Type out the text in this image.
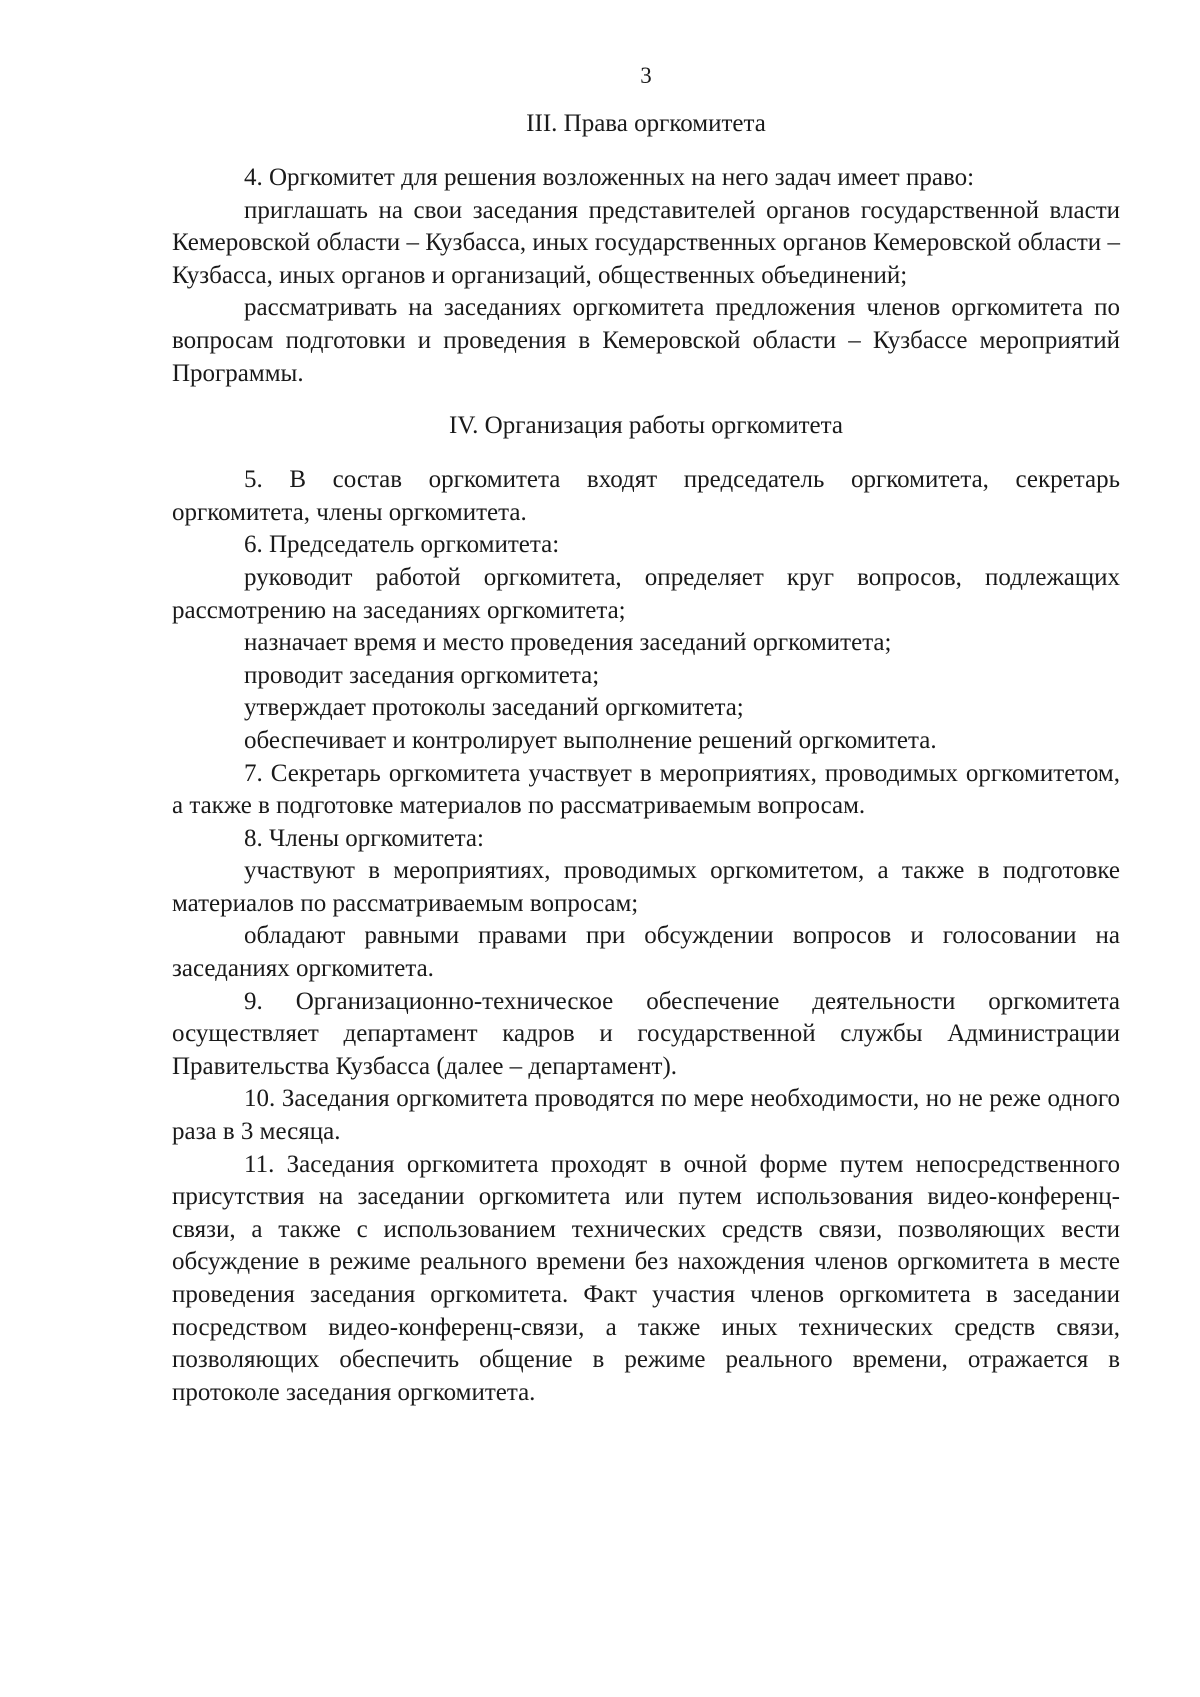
3
III. Права оргкомитета

4. Оргкомитет для решения возложенных на него задач имеет право:

приглашать на свои заседания представителей органов государственной власти Кемеровской области – Кузбасса, иных государственных органов Кемеровской области – Кузбасса, иных органов и организаций, общественных объединений;

рассматривать на заседаниях оргкомитета предложения членов оргкомитета по вопросам подготовки и проведения в Кемеровской области – Кузбассе мероприятий Программы.

IV. Организация работы оргкомитета

5. В состав оргкомитета входят председатель оргкомитета, секретарь оргкомитета, члены оргкомитета.

6. Председатель оргкомитета:

руководит работой оргкомитета, определяет круг вопросов, подлежащих рассмотрению на заседаниях оргкомитета;

назначает время и место проведения заседаний оргкомитета;

проводит заседания оргкомитета;

утверждает протоколы заседаний оргкомитета;

обеспечивает и контролирует выполнение решений оргкомитета.

7. Секретарь оргкомитета участвует в мероприятиях, проводимых оргкомитетом, а также в подготовке материалов по рассматриваемым вопросам.

8. Члены оргкомитета:

участвуют в мероприятиях, проводимых оргкомитетом, а также в подготовке материалов по рассматриваемым вопросам;

обладают равными правами при обсуждении вопросов и голосовании на заседаниях оргкомитета.

9. Организационно-техническое обеспечение деятельности оргкомитета осуществляет департамент кадров и государственной службы Администрации Правительства Кузбасса (далее – департамент).

10. Заседания оргкомитета проводятся по мере необходимости, но не реже одного раза в 3 месяца.

11. Заседания оргкомитета проходят в очной форме путем непосредственного присутствия на заседании оргкомитета или путем использования видео-конференц-связи, а также с использованием технических средств связи, позволяющих вести обсуждение в режиме реального времени без нахождения членов оргкомитета в месте проведения заседания оргкомитета. Факт участия членов оргкомитета в заседании посредством видео-конференц-связи, а также иных технических средств связи, позволяющих обеспечить общение в режиме реального времени, отражается в протоколе заседания оргкомитета.
